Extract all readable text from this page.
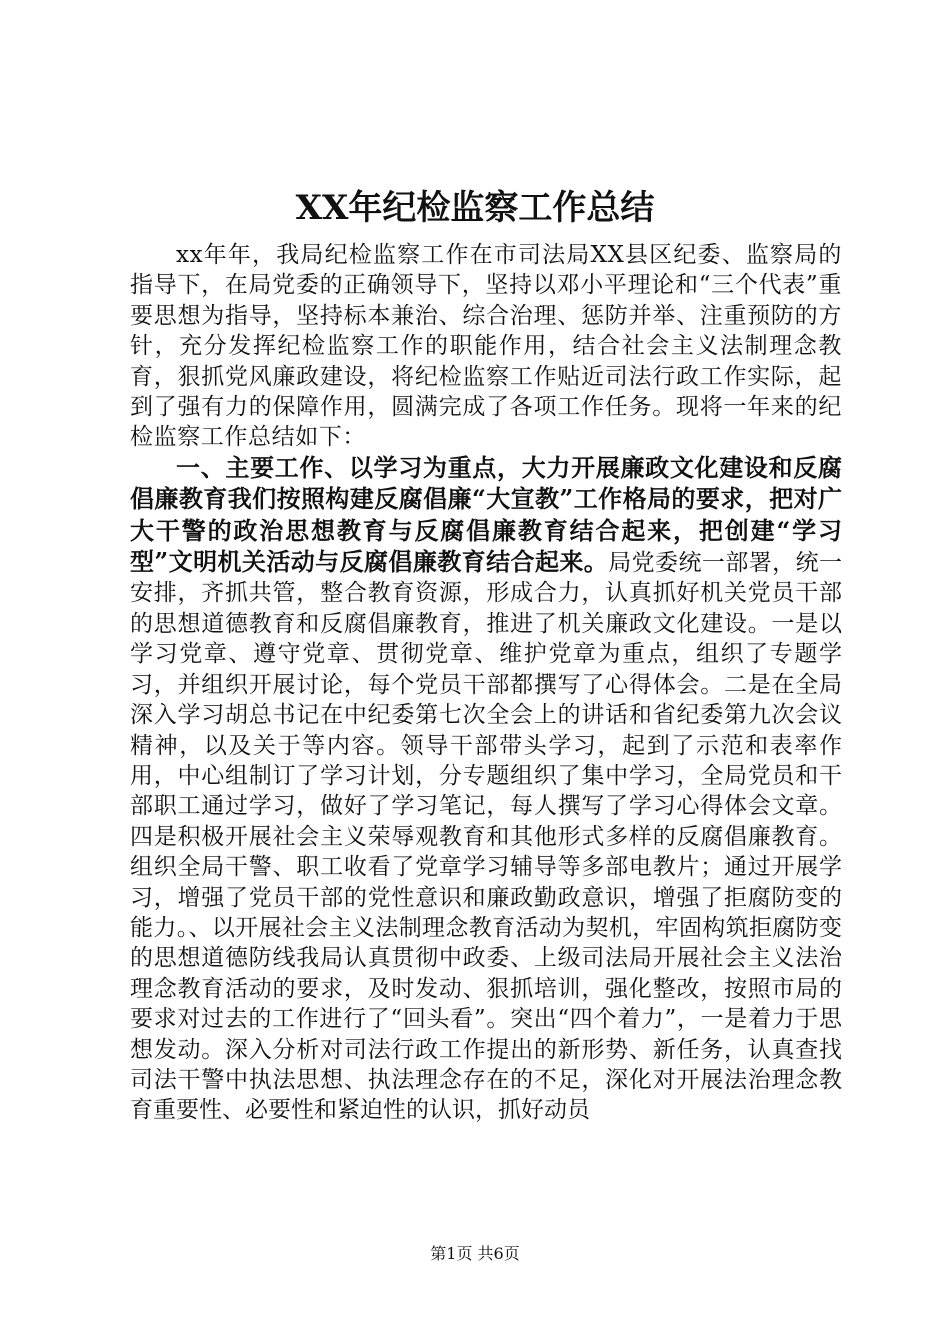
XX年纪检监察工作总结

xx年年，我局纪检监察工作在市司法局XX县区纪委、监察局的指导下，在局党委的正确领导下，坚持以邓小平理论和“三个代表”重要思想为指导，坚持标本兼治、综合治理、惩防并举、注重预防的方针，充分发挥纪检监察工作的职能作用，结合社会主义法制理念教育，狠抓党风廉政建设，将纪检监察工作贴近司法行政工作实际，起到了强有力的保障作用，圆满完成了各项工作任务。现将一年来的纪检监察工作总结如下：

一、主要工作、以学习为重点，大力开展廉政文化建设和反腐倡廉教育我们按照构建反腐倡廉“大宣教”工作格局的要求，把对广大干警的政治思想教育与反腐倡廉教育结合起来，把创建“学习型”文明机关活动与反腐倡廉教育结合起来。局党委统一部署，统一安排，齐抓共管，整合教育资源，形成合力，认真抓好机关党员干部的思想道德教育和反腐倡廉教育，推进了机关廉政文化建设。一是以学习党章、遵守党章、贯彻党章、维护党章为重点，组织了专题学习，并组织开展讨论，每个党员干部都撰写了心得体会。二是在全局深入学习胡总书记在中纪委第七次全会上的讲话和省纪委第九次会议精神，以及关于等内容。领导干部带头学习，起到了示范和表率作用，中心组制订了学习计划，分专题组织了集中学习，全局党员和干部职工通过学习，做好了学习笔记，每人撰写了学习心得体会文章。四是积极开展社会主义荣辱观教育和其他形式多样的反腐倡廉教育。组织全局干警、职工收看了党章学习辅导等多部电教片；通过开展学习，增强了党员干部的党性意识和廉政勤政意识，增强了拒腐防变的能力。、以开展社会主义法制理念教育活动为契机，牢固构筑拒腐防变的思想道德防线我局认真贯彻中政委、上级司法局开展社会主义法治理念教育活动的要求，及时发动、狠抓培训，强化整改，按照市局的要求对过去的工作进行了“回头看”。突出“四个着力”，一是着力于思想发动。深入分析对司法行政工作提出的新形势、新任务，认真查找司法干警中执法思想、执法理念存在的不足，深化对开展法治理念教育重要性、必要性和紧迫性的认识，抓好动员

第1页 共6页
